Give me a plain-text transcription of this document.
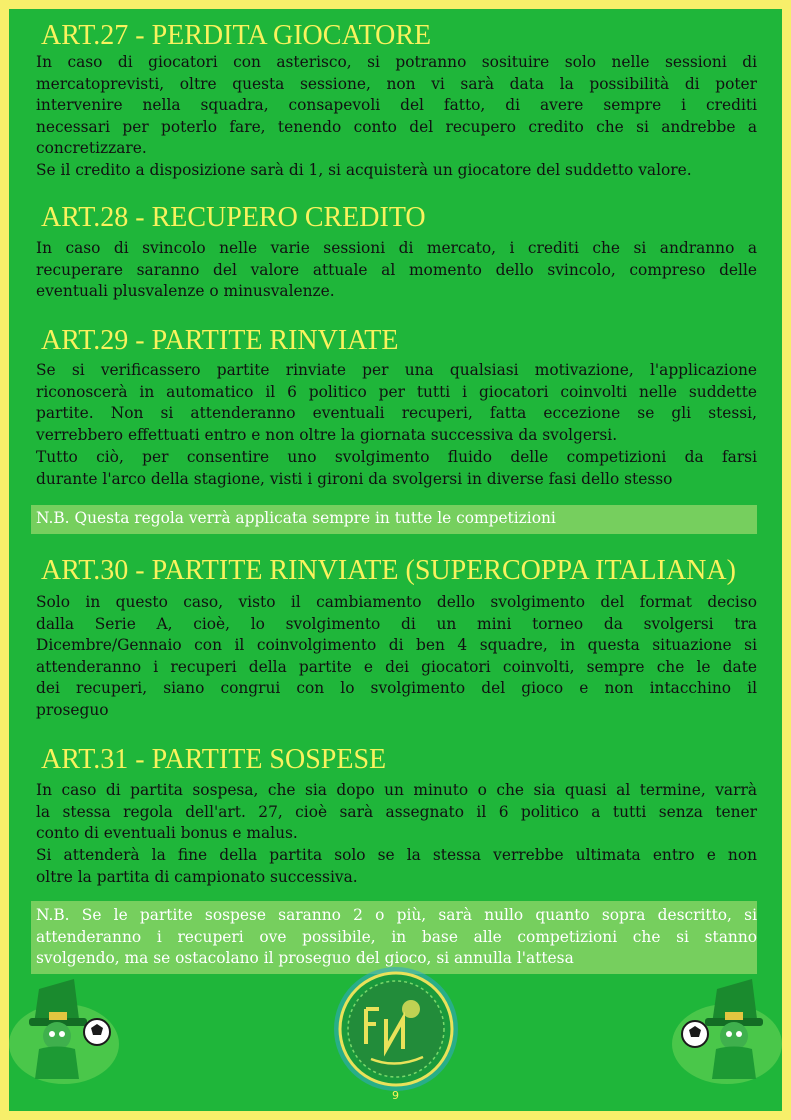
ART.27 - PERDITA GIOCATORE
In caso di giocatori con asterisco, si potranno sosituire solo nelle sessioni di
mercatoprevisti, oltre questa sessione, non vi sarà data la possibilità di poter
intervenire nella squadra, consapevoli del fatto, di avere sempre i crediti
necessari per poterlo fare, tenendo conto del recupero credito che si andrebbe a
concretizzare.
Se il credito a disposizione sarà di 1, si acquisterà un giocatore del suddetto valore.
ART.28 - RECUPERO CREDITO
In caso di svincolo nelle varie sessioni di mercato, i crediti che si andranno a
recuperare saranno del valore attuale al momento dello svincolo, compreso delle
eventuali plusvalenze o minusvalenze.
ART.29 - PARTITE RINVIATE
Se si verificassero partite rinviate per una qualsiasi motivazione, l'applicazione
riconoscerà in automatico il 6 politico per tutti i giocatori coinvolti nelle suddette
partite. Non si attenderanno eventuali recuperi, fatta eccezione se gli stessi,
verrebbero effettuati entro e non oltre la giornata successiva da svolgersi.
Tutto ciò, per consentire uno svolgimento fluido delle competizioni da farsi
durante l'arco della stagione, visti i gironi da svolgersi in diverse fasi dello stesso
N.B. Questa regola verrà applicata sempre in tutte le competizioni
ART.30 - PARTITE RINVIATE (SUPERCOPPA ITALIANA)
Solo in questo caso, visto il cambiamento dello svolgimento del format deciso
dalla Serie A, cioè, lo svolgimento di un mini torneo da svolgersi tra
Dicembre/Gennaio con il coinvolgimento di ben 4 squadre, in questa situazione si
attenderanno i recuperi della partite e dei giocatori coinvolti, sempre che le date
dei recuperi, siano congrui con lo svolgimento del gioco e non intacchino il
proseguo
ART.31 - PARTITE SOSPESE
In caso di partita sospesa, che sia dopo un minuto o che sia quasi al termine, varrà
la stessa regola dell'art. 27, cioè sarà assegnato il 6 politico a tutti senza tener
conto di eventuali bonus e malus.
Si attenderà la fine della partita solo se la stessa verrebbe ultimata entro e non
oltre la partita di campionato successiva.
N.B. Se le partite sospese saranno 2 o più, sarà nullo quanto sopra descritto, si
attenderanno i recuperi ove possibile, in base alle competizioni che si stanno
svolgendo, ma se ostacolano il proseguo del gioco, si annulla l'attesa
9
